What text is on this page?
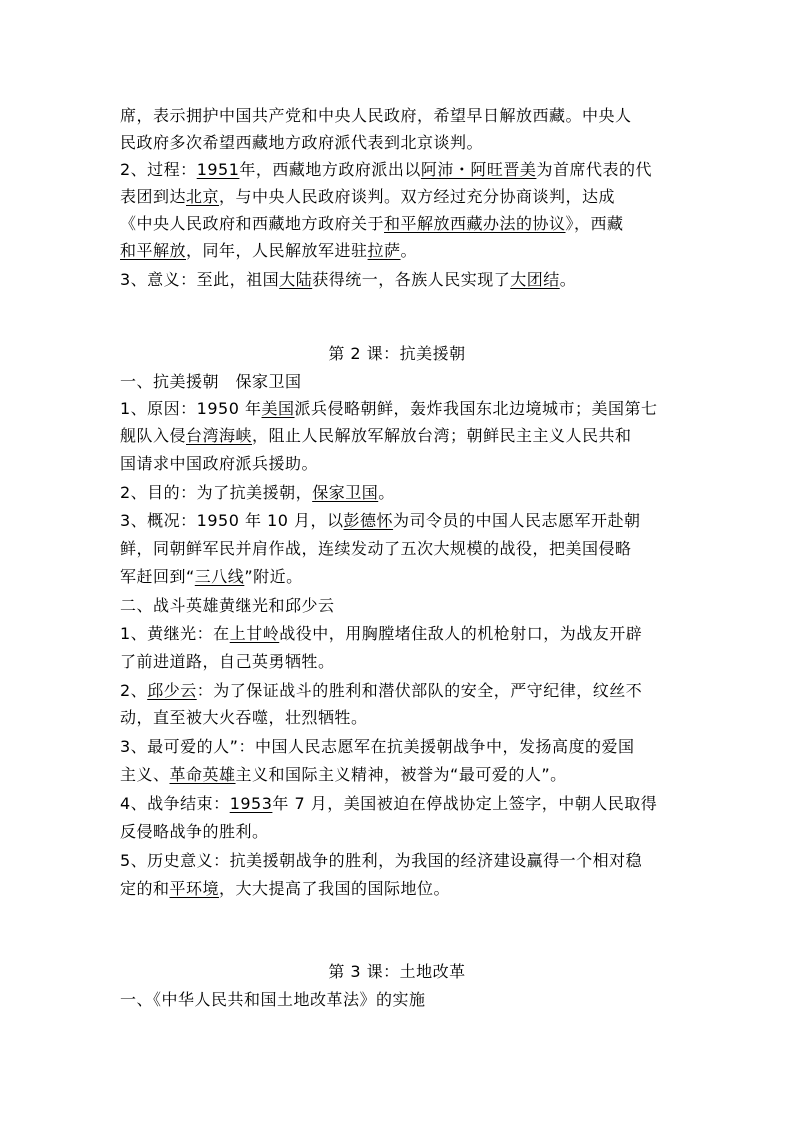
席，表示拥护中国共产党和中央人民政府，希望早日解放西藏。中央人
民政府多次希望西藏地方政府派代表到北京谈判。
2、过程：1951年，西藏地方政府派出以阿沛・阿旺晋美为首席代表的代
表团到达北京，与中央人民政府谈判。双方经过充分协商谈判，达成
《中央人民政府和西藏地方政府关于和平解放西藏办法的协议》，西藏
和平解放，同年，人民解放军进驻拉萨。
3、意义：至此，祖国大陆获得统一，各族人民实现了大团结。
第 2 课：抗美援朝
一、抗美援朝　保家卫国
1、原因：1950 年美国派兵侵略朝鲜，轰炸我国东北边境城市；美国第七
舰队入侵台湾海峡，阻止人民解放军解放台湾；朝鲜民主主义人民共和
国请求中国政府派兵援助。
2、目的：为了抗美援朝，保家卫国。
3、概况：1950 年 10 月，以彭德怀为司令员的中国人民志愿军开赴朝
鲜，同朝鲜军民并肩作战，连续发动了五次大规模的战役，把美国侵略
军赶回到“三八线”附近。
二、战斗英雄黄继光和邱少云
1、黄继光：在上甘岭战役中，用胸膛堵住敌人的机枪射口，为战友开辟
了前进道路，自己英勇牺牲。
2、邱少云：为了保证战斗的胜利和潜伏部队的安全，严守纪律，纹丝不
动，直至被大火吞噬，壮烈牺牲。
3、最可爱的人”：中国人民志愿军在抗美援朝战争中，发扬高度的爱国
主义、革命英雄主义和国际主义精神，被誉为“最可爱的人”。
4、战争结束：1953年 7 月，美国被迫在停战协定上签字，中朝人民取得
反侵略战争的胜利。
5、历史意义：抗美援朝战争的胜利，为我国的经济建设赢得一个相对稳
定的和平环境，大大提高了我国的国际地位。
第 3 课：土地改革
一、《中华人民共和国土地改革法》的实施
